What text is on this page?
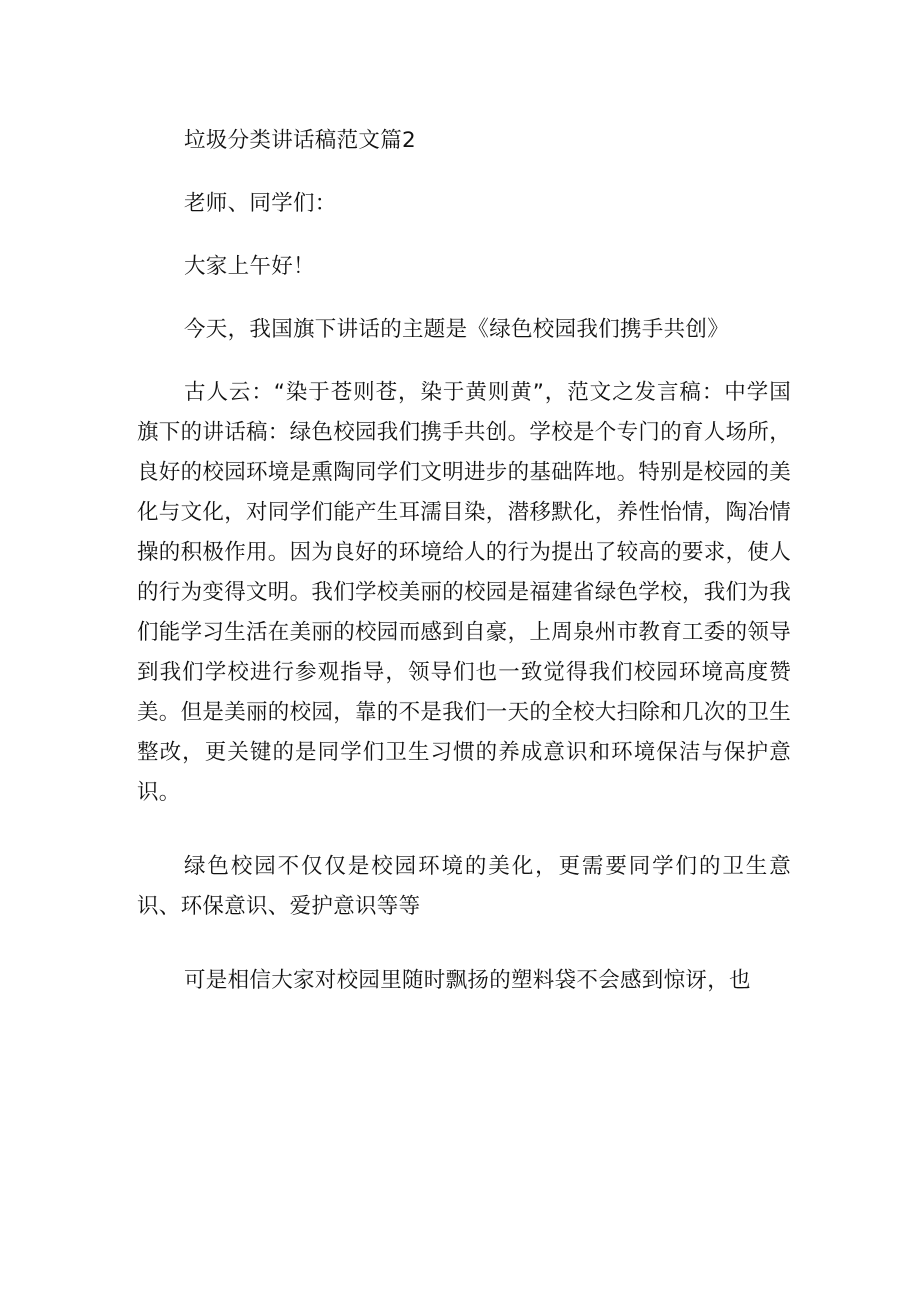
垃圾分类讲话稿范文篇2

老师、同学们：

大家上午好！

今天，我国旗下讲话的主题是《绿色校园我们携手共创》

古人云：“染于苍则苍，染于黄则黄”，范文之发言稿：中学国旗下的讲话稿：绿色校园我们携手共创。学校是个专门的育人场所，良好的校园环境是熏陶同学们文明进步的基础阵地。特别是校园的美化与文化，对同学们能产生耳濡目染，潜移默化，养性怡情，陶冶情操的积极作用。因为良好的环境给人的行为提出了较高的要求，使人的行为变得文明。我们学校美丽的校园是福建省绿色学校，我们为我们能学习生活在美丽的校园而感到自豪，上周泉州市教育工委的领导到我们学校进行参观指导，领导们也一致觉得我们校园环境高度赞美。但是美丽的校园，靠的不是我们一天的全校大扫除和几次的卫生整改，更关键的是同学们卫生习惯的养成意识和环境保洁与保护意识。

绿色校园不仅仅是校园环境的美化，更需要同学们的卫生意识、环保意识、爱护意识等等

可是相信大家对校园里随时飘扬的塑料袋不会感到惊讶，也
